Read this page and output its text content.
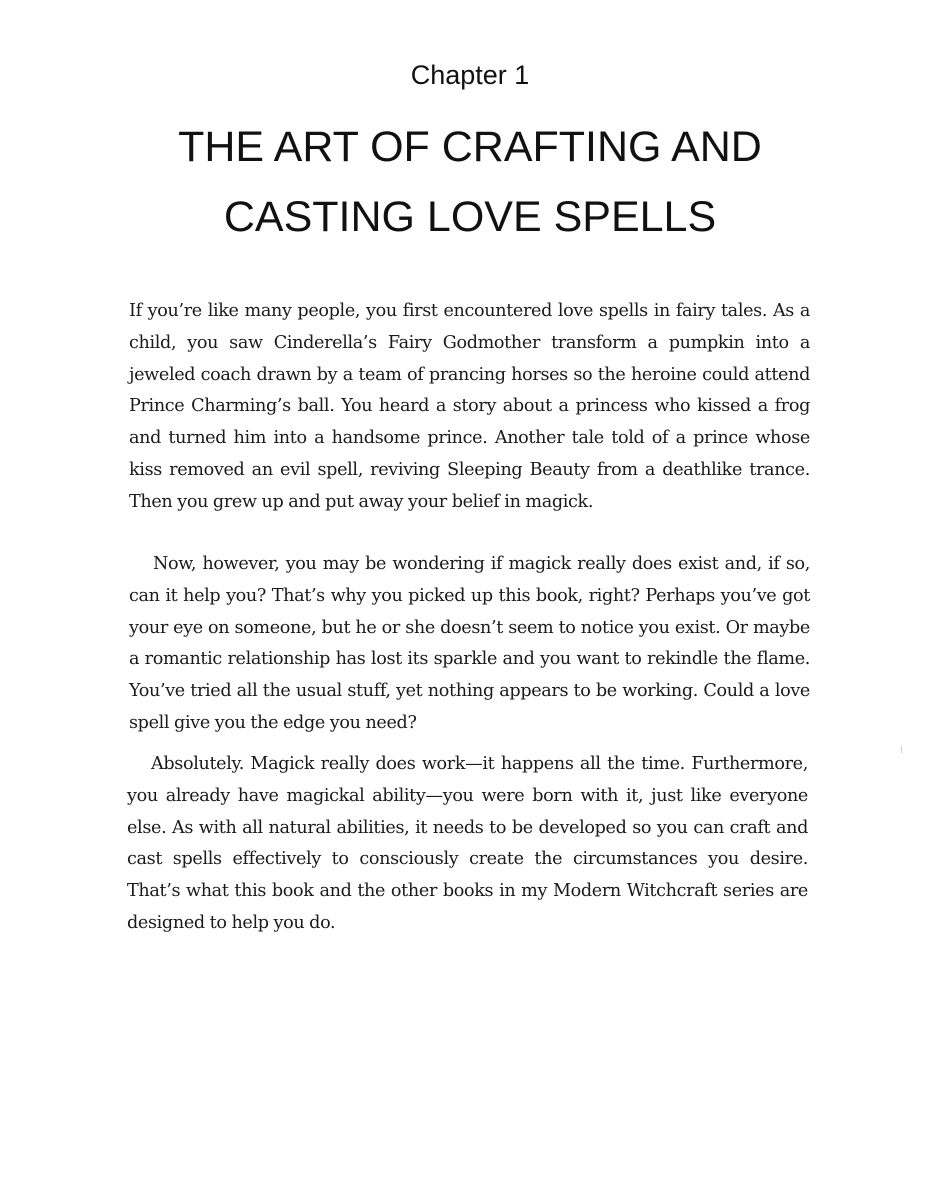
Chapter 1
THE ART OF CRAFTING AND CASTING LOVE SPELLS

If you’re like many people, you first encountered love spells in fairy tales. As a child, you saw Cinderella’s Fairy Godmother transform a pumpkin into a jeweled coach drawn by a team of prancing horses so the heroine could attend Prince Charming’s ball. You heard a story about a princess who kissed a frog and turned him into a handsome prince. Another tale told of a prince whose kiss removed an evil spell, reviving Sleeping Beauty from a deathlike trance. Then you grew up and put away your belief in magick.

Now, however, you may be wondering if magick really does exist and, if so, can it help you? That’s why you picked up this book, right? Perhaps you’ve got your eye on someone, but he or she doesn’t seem to notice you exist. Or maybe a romantic relationship has lost its sparkle and you want to rekindle the flame. You’ve tried all the usual stuff, yet nothing appears to be working. Could a love spell give you the edge you need?

Absolutely. Magick really does work—it happens all the time. Furthermore, you already have magickal ability—you were born with it, just like everyone else. As with all natural abilities, it needs to be developed so you can craft and cast spells effectively to consciously create the circumstances you desire. That’s what this book and the other books in my Modern Witchcraft series are designed to help you do.
